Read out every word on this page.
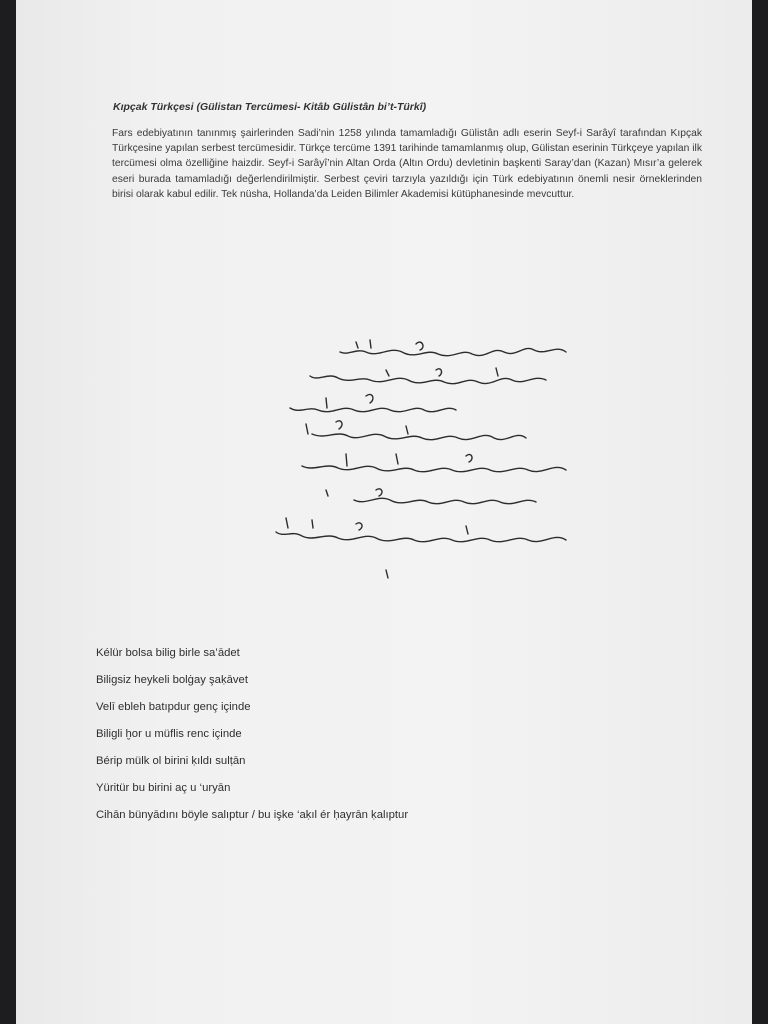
Kıpçak Türkçesi (Gülistan Tercümesi- Kitâb Gülistân bi’t-Türkî)
Fars edebiyatının tanınmış şairlerinden Sadi’nin 1258 yılında tamamladığı Gülistân adlı eserin Seyf-i Sarâyî tarafından Kıpçak Türkçesine yapılan serbest tercümesidir. Türkçe tercüme 1391 tarihinde tamamlanmış olup, Gülistan eserinin Türkçeye yapılan ilk tercümesi olma özelliğine haizdir. Seyf-i Sarâyî’nin Altan Orda (Altın Ordu) devletinin başkenti Saray’dan (Kazan) Mısır’a gelerek eseri burada tamamladığı değerlendirilmiştir. Serbest çeviri tarzıyla yazıldığı için Türk edebiyatının önemli nesir örneklerinden birisi olarak kabul edilir. Tek nüsha, Hollanda’da Leiden Bilimler Akademisi kütüphanesinde mevcuttur.
Kélür bolsa bilig birle sa’ādet
Biligsiz heykeli bolġay şaḳāvet
Velī ebleh batıpdur genç içinde
Biligli ḫor u müflis renc içinde
Bérip mülk ol birini ḳıldı sulṭān
Yüritür bu birini aç u ‘uryān
Cihān bünyādını böyle salıptur / bu işke ‘aḳıl ér ḥayrān ḳalıptur
